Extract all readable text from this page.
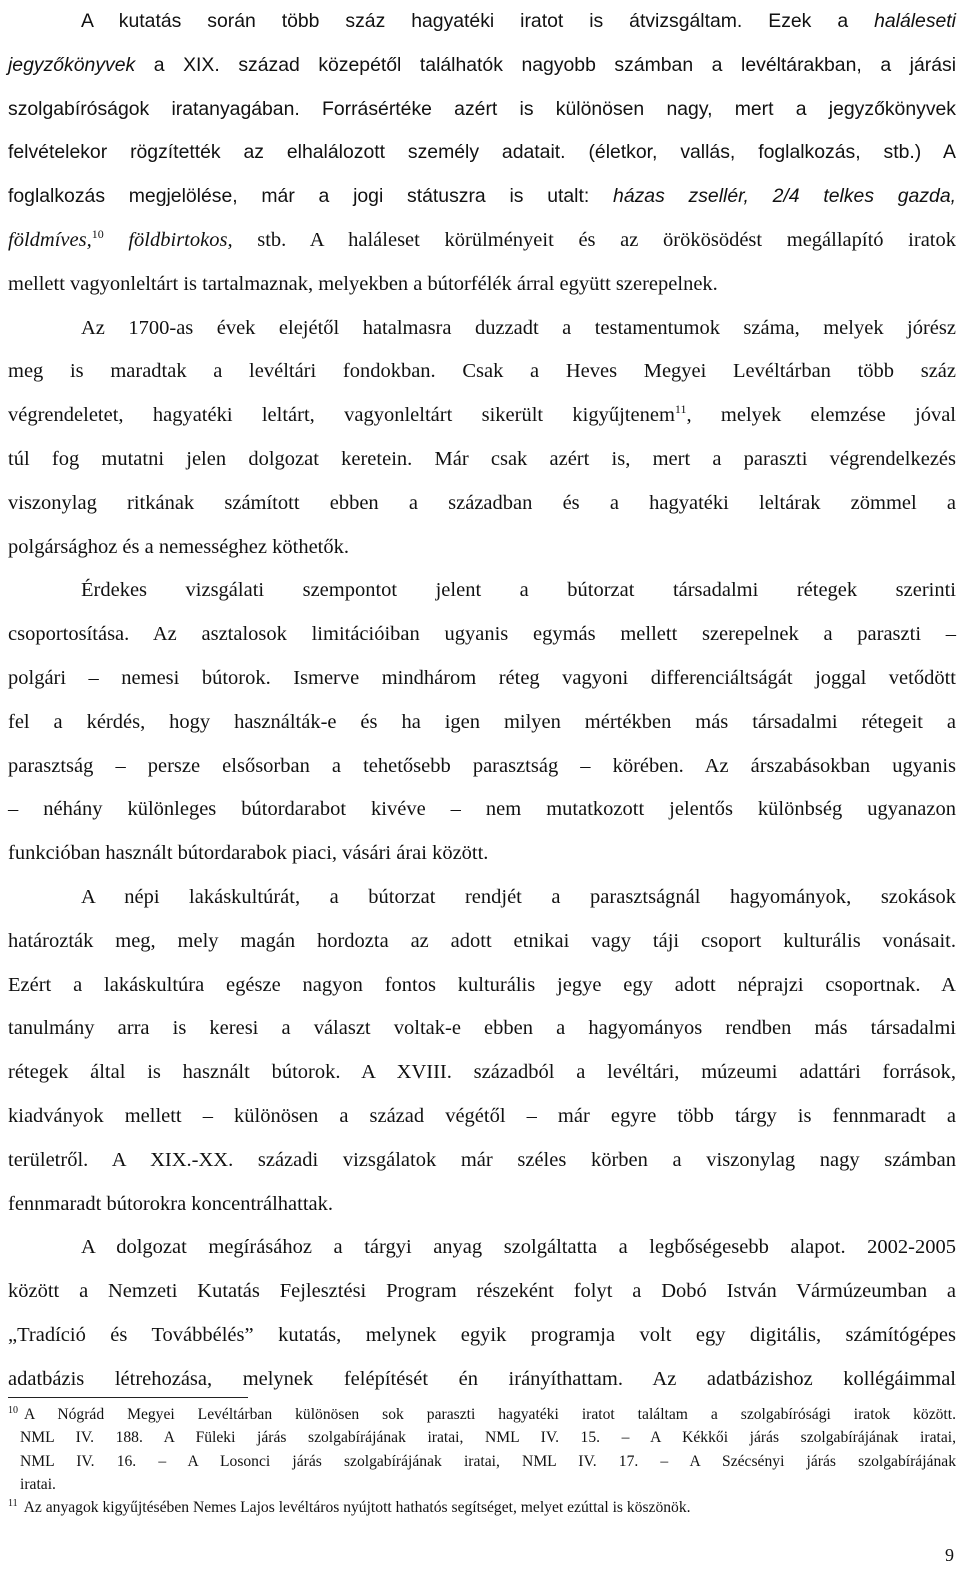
A kutatás során több száz hagyatéki iratot is átvizsgáltam. Ezek a haláleseti
jegyzőkönyvek a XIX. század közepétől találhatók nagyobb számban a levéltárakban, a járási
szolgabíróságok iratanyagában. Forrásértéke azért is különösen nagy, mert a jegyzőkönyvek
felvételekor rögzítették az elhalálozott személy adatait. (életkor, vallás, foglalkozás, stb.) A
foglalkozás megjelölése, már a jogi státuszra is utalt: házas zsellér, 2/4 telkes gazda,
földmíves,$^{10}$ földbirtokos, stb. A haláleset körülményeit és az örökösödést megállapító iratok
mellett vagyonleltárt is tartalmaznak, melyekben a bútorfélék árral együtt szerepelnek.
Az 1700-as évek elejétől hatalmasra duzzadt a testamentumok száma, melyek jórész
meg is maradtak a levéltári fondokban. Csak a Heves Megyei Levéltárban több száz
végrendeletet, hagyatéki leltárt, vagyonleltárt sikerült kigyűjtenem$^{11}$, melyek elemzése jóval
túl fog mutatni jelen dolgozat keretein. Már csak azért is, mert a paraszti végrendelkezés
viszonylag ritkának számított ebben a században és a hagyatéki leltárak zömmel a
polgársághoz és a nemességhez köthetők.
Érdekes vizsgálati szempontot jelent a bútorzat társadalmi rétegek szerinti
csoportosítása. Az asztalosok limitációiban ugyanis egymás mellett szerepelnek a paraszti –
polgári – nemesi bútorok. Ismerve mindhárom réteg vagyoni differenciáltságát joggal vetődött
fel a kérdés, hogy használták-e és ha igen milyen mértékben más társadalmi rétegeit a
parasztság – persze elsősorban a tehetősebb parasztság – körében. Az árszabásokban ugyanis
– néhány különleges bútordarabot kivéve – nem mutatkozott jelentős különbség ugyanazon
funkcióban használt bútordarabok piaci, vásári árai között.
A népi lakáskultúrát, a bútorzat rendjét a parasztságnál hagyományok, szokások
határozták meg, mely magán hordozta az adott etnikai vagy táji csoport kulturális vonásait.
Ezért a lakáskultúra egésze nagyon fontos kulturális jegye egy adott néprajzi csoportnak. A
tanulmány arra is keresi a választ voltak-e ebben a hagyományos rendben más társadalmi
rétegek által is használt bútorok. A XVIII. századból a levéltári, múzeumi adattári források,
kiadványok mellett – különösen a század végétől – már egyre több tárgy is fennmaradt a
területről. A XIX.-XX. századi vizsgálatok már széles körben a viszonylag nagy számban
fennmaradt bútorokra koncentrálhattak.
A dolgozat megírásához a tárgyi anyag szolgáltatta a legbőségesebb alapot. 2002-2005
között a Nemzeti Kutatás Fejlesztési Program részeként folyt a Dobó István Vármúzeumban a
„Tradíció és Továbbélés” kutatás, melynek egyik programja volt egy digitális, számítógépes
adatbázis létrehozása, melynek felépítését én irányíthattam. Az adatbázishoz kollégáimmal
$^{10}$ A Nógrád Megyei Levéltárban különösen sok paraszti hagyatéki iratot találtam a szolgabírósági iratok között.
NML IV. 188. A Füleki járás szolgabírájának iratai, NML IV. 15. – A Kékkői járás szolgabírájának iratai,
NML IV. 16. – A Losonci járás szolgabírájának iratai, NML IV. 17. – A Szécsényi járás szolgabírájának
iratai.
$^{11}$ Az anyagok kigyűjtésében Nemes Lajos levéltáros nyújtott hathatós segítséget, melyet ezúttal is köszönök.
9
